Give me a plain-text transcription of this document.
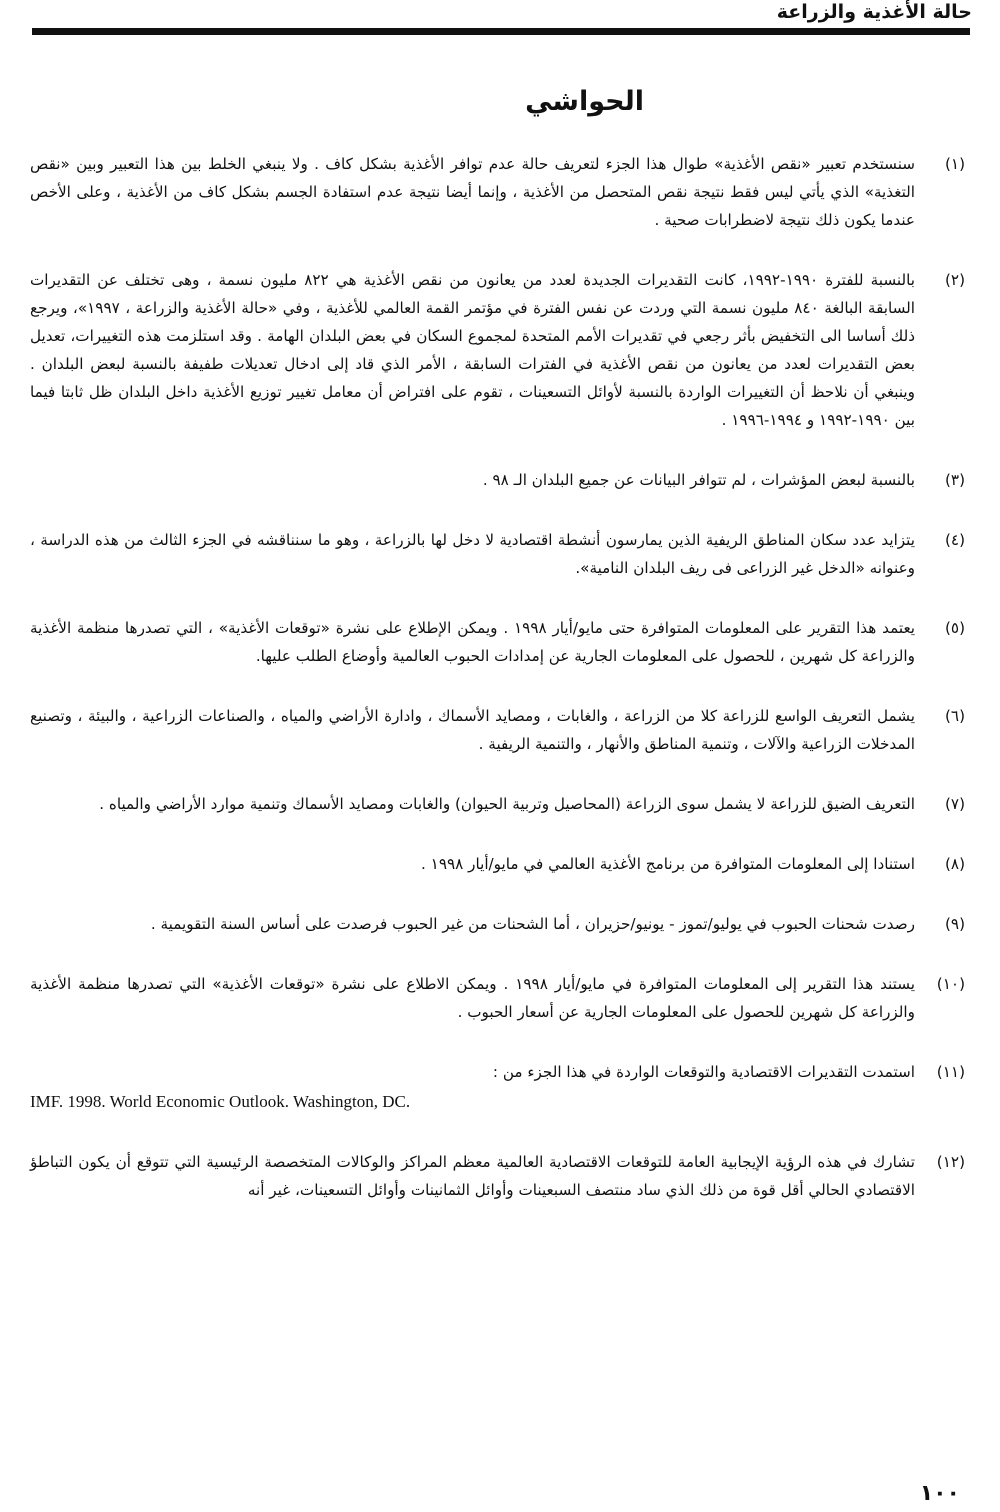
حالة الأغذية والزراعة
الحواشي
(١)
سنستخدم تعبير «نقص الأغذية» طوال هذا الجزء لتعريف حالة عدم توافر الأغذية بشكل كاف . ولا ينبغي الخلط بين هذا التعبير وبين «نقص التغذية» الذي يأتي ليس فقط نتيجة نقص المتحصل من الأغذية ، وإنما أيضا نتيجة عدم استفادة الجسم بشكل كاف من الأغذية ، وعلى الأخص عندما يكون ذلك نتيجة لاضطرابات صحية .
(٢)
بالنسبة للفترة ١٩٩٠-١٩٩٢، كانت التقديرات الجديدة لعدد من يعانون من نقص الأغذية هي ٨٢٢ مليون نسمة ، وهى تختلف عن التقديرات السابقة البالغة ٨٤٠ مليون نسمة التي وردت عن نفس الفترة في مؤتمر القمة العالمي للأغذية ، وفي «حالة الأغذية والزراعة ، ١٩٩٧»، ويرجع ذلك أساسا الى التخفيض بأثر رجعي في تقديرات الأمم المتحدة لمجموع السكان في بعض البلدان الهامة . وقد استلزمت هذه التغييرات، تعديل بعض التقديرات لعدد من يعانون من نقص الأغذية في الفترات السابقة ، الأمر الذي قاد إلى ادخال تعديلات طفيفة بالنسبة لبعض البلدان . وينبغي أن نلاحظ أن التغييرات الواردة بالنسبة لأوائل التسعينات ، تقوم على افتراض أن معامل تغيير توزيع الأغذية داخل البلدان ظل ثابتا فيما بين ١٩٩٠-١٩٩٢ و ١٩٩٤-١٩٩٦ .
(٣)
بالنسبة لبعض المؤشرات ، لم تتوافر البيانات عن جميع البلدان الـ ٩٨ .
(٤)
يتزايد عدد سكان المناطق الريفية الذين يمارسون أنشطة اقتصادية لا دخل لها بالزراعة ، وهو ما سنناقشه في الجزء الثالث من هذه الدراسة ، وعنوانه «الدخل غير الزراعى فى ريف البلدان النامية».
(٥)
يعتمد هذا التقرير على المعلومات المتوافرة حتى مايو/أيار ١٩٩٨ . ويمكن الإطلاع على نشرة «توقعات الأغذية» ، التي تصدرها منظمة الأغذية والزراعة كل شهرين ، للحصول على المعلومات الجارية عن إمدادات الحبوب العالمية وأوضاع الطلب عليها.
(٦)
يشمل التعريف الواسع للزراعة كلا من الزراعة ، والغابات ، ومصايد الأسماك ، وادارة الأراضي والمياه ، والصناعات الزراعية ، والبيئة ، وتصنيع المدخلات الزراعية والآلات ، وتنمية المناطق والأنهار ، والتنمية الريفية .
(٧)
التعريف الضيق للزراعة لا يشمل سوى الزراعة (المحاصيل وتربية الحيوان) والغابات ومصايد الأسماك وتنمية موارد الأراضي والمياه .
(٨)
استنادا إلى المعلومات المتوافرة من برنامج الأغذية العالمي في مايو/أيار ١٩٩٨ .
(٩)
رصدت شحنات الحبوب في يوليو/تموز - يونيو/حزيران ، أما الشحنات من غير الحبوب فرصدت على أساس السنة التقويمية .
(١٠)
يستند هذا التقرير إلى المعلومات المتوافرة في مايو/أيار ١٩٩٨ . ويمكن الاطلاع على نشرة «توقعات الأغذية» التي تصدرها منظمة الأغذية والزراعة كل شهرين للحصول على المعلومات الجارية عن أسعار الحبوب .
(١١)
استمدت التقديرات الاقتصادية والتوقعات الواردة في هذا الجزء من :
IMF. 1998. World Economic Outlook. Washington, DC.
(١٢)
تشارك في هذه الرؤية الإيجابية العامة للتوقعات الاقتصادية العالمية معظم المراكز والوكالات المتخصصة الرئيسية التي تتوقع أن يكون التباطؤ الاقتصادي الحالي أقل قوة من ذلك الذي ساد منتصف السبعينات وأوائل الثمانينات وأوائل التسعينات، غير أنه
١٠٠
